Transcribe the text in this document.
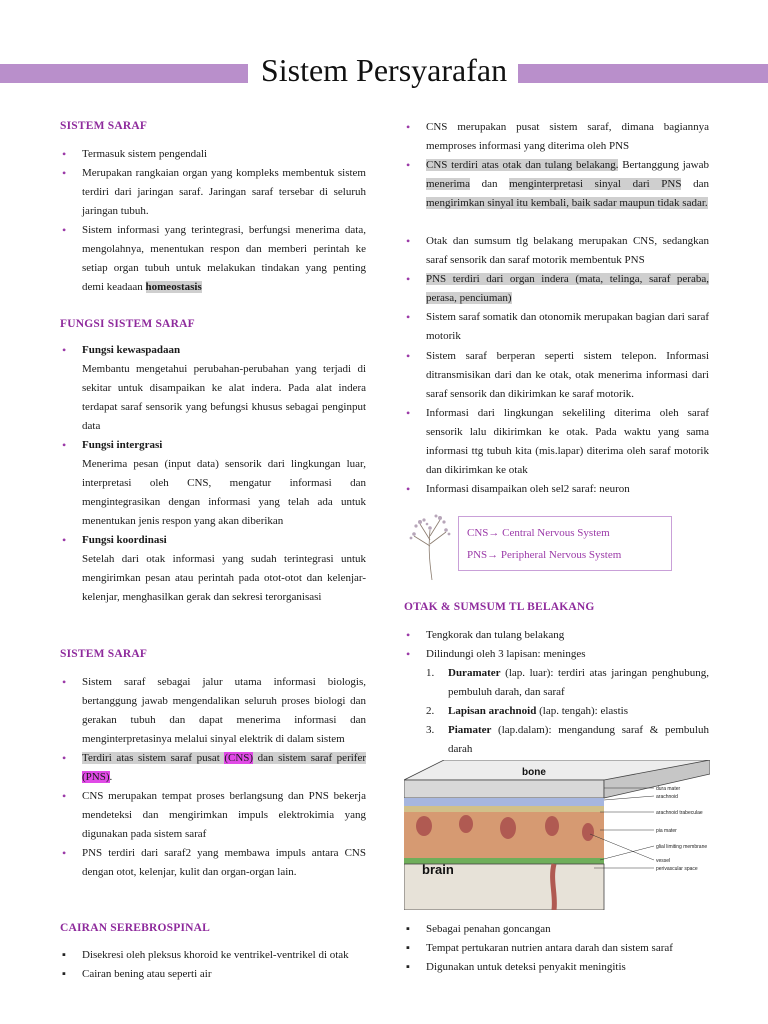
Sistem Persyarafan
SISTEM SARAF
• Termasuk sistem pengendali
• Merupakan rangkaian organ yang kompleks membentuk sistem terdiri dari jaringan saraf. Jaringan saraf tersebar di seluruh jaringan tubuh.
• Sistem informasi yang terintegrasi, berfungsi menerima data, mengolahnya, menentukan respon dan memberi perintah ke setiap organ tubuh untuk melakukan tindakan yang penting demi keadaan homeostasis
FUNGSI SISTEM SARAF
• Fungsi kewaspadaan
Membantu mengetahui perubahan-perubahan yang terjadi di sekitar untuk disampaikan ke alat indera. Pada alat indera terdapat saraf sensorik yang befungsi khusus sebagai penginput data
• Fungsi intergrasi
Menerima pesan (input data) sensorik dari lingkungan luar, interpretasi oleh CNS, mengatur informasi dan mengintegrasikan dengan informasi yang telah ada untuk menentukan jenis respon yang akan diberikan
• Fungsi koordinasi
Setelah dari otak informasi yang sudah terintegrasi untuk mengirimkan pesan atau perintah pada otot-otot dan kelenjar-kelenjar, menghasilkan gerak dan sekresi terorganisasi
SISTEM SARAF
• Sistem saraf sebagai jalur utama informasi biologis, bertanggung jawab mengendalikan seluruh proses biologi dan gerakan tubuh dan dapat menerima informasi dan menginterpretasinya melalui sinyal elektrik di dalam sistem
• Terdiri atas sistem saraf pusat (CNS) dan sistem saraf perifer (PNS).
• CNS merupakan tempat proses berlangsung dan PNS bekerja mendeteksi dan mengirimkan impuls elektrokimia yang digunakan pada sistem saraf
• PNS terdiri dari saraf2 yang membawa impuls antara CNS dengan otot, kelenjar, kulit dan organ-organ lain.
CAIRAN SEREBROSPINAL
▪ Disekresi oleh pleksus khoroid ke ventrikel-ventrikel di otak
▪ Cairan bening atau seperti air
• CNS merupakan pusat sistem saraf, dimana bagiannya memproses informasi yang diterima oleh PNS
• CNS terdiri atas otak dan tulang belakang. Bertanggung jawab menerima dan menginterpretasi sinyal dari PNS dan mengirimkan sinyal itu kembali, baik sadar maupun tidak sadar.
• Otak dan sumsum tlg belakang merupakan CNS, sedangkan saraf sensorik dan saraf motorik membentuk PNS
• PNS terdiri dari organ indera (mata, telinga, saraf peraba, perasa, penciuman)
• Sistem saraf somatik dan otonomik merupakan bagian dari saraf motorik
• Sistem saraf berperan seperti sistem telepon. Informasi ditransmisikan dari dan ke otak, otak menerima informasi dari saraf sensorik dan dikirimkan ke saraf motorik.
• Informasi dari lingkungan sekeliling diterima oleh saraf sensorik lalu dikirimkan ke otak. Pada waktu yang sama informasi ttg tubuh kita (mis.lapar) diterima oleh saraf motorik dan dikirimkan ke otak
• Informasi disampaikan oleh sel2 saraf: neuron
CNS→ Central Nervous System
PNS→ Peripheral Nervous System
OTAK & SUMSUM TL BELAKANG
• Tengkorak dan tulang belakang
• Dilindungi oleh 3 lapisan: meninges
1. Duramater (lap. luar): terdiri atas jaringan penghubung, pembuluh darah, dan saraf
2. Lapisan arachnoid (lap. tengah): elastis
3. Piamater (lap.dalam): mengandung saraf & pembuluh darah
bone
brain
dura mater
arachnoid
arachnoid trabeculae
pia mater
glial limiting membrane
vessel
perivascular space
▪ Sebagai penahan goncangan
▪ Tempat pertukaran nutrien antara darah dan sistem saraf
▪ Digunakan untuk deteksi penyakit meningitis
